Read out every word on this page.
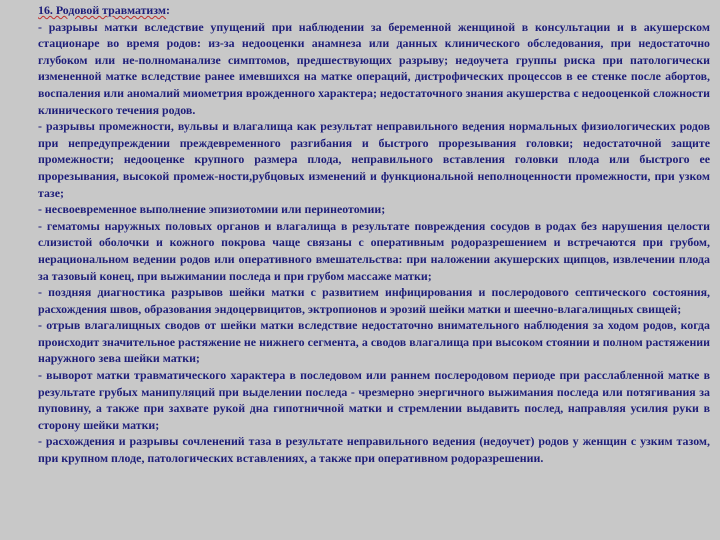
16. Родовой травматизм:

- разрывы матки вследствие упущений при наблюдении за беременной женщиной в консультации и в акушерском стационаре во время родов: из-за недооценки анамнеза или данных клинического обследования, при недостаточно глубоком или не-полноманализе симптомов, предшествующих разрыву; недоучета группы риска при патологически измененной матке вследствие ранее имевшихся на матке операций, дистрофических процессов в ее стенке после абортов, воспаления или аномалий миометрия врожденного характера; недостаточного знания акушерства с недооценкой сложности клинического течения родов.

- разрывы промежности, вульвы и влагалища как результат неправильного ведения нормальных физиологических родов при непредупреждении преждевременного разгибания и быстрого прорезывания головки; недостаточной защите промежности; недооценке крупного размера плода, неправильного вставления головки плода или быстрого ее прорезывания, высокой промеж-ности,рубцовых изменений и функциональной неполноценности промежности, при узком тазе;

- несвоевременное выполнение эпизиотомии или перинеотомии;

- гематомы наружных половых органов и влагалища в результате повреждения сосудов в родах без нарушения целости слизистой оболочки и кожного покрова чаще связаны с оперативным родоразрешением и встречаются при грубом, нерациональном ведении родов или оперативного вмешательства: при наложении акушерских щипцов, извлечении плода за тазовый конец, при выжимании последа и при грубом массаже матки;

- поздняя диагностика разрывов шейки матки с развитием инфицирования и послеродового септического состояния, расхождения швов, образования эндоцервицитов, эктропионов и эрозий шейки матки и шеечно-влагалищных свищей;

- отрыв влагалищных сводов от шейки матки вследствие недостаточно внимательного наблюдения за ходом родов, когда происходит значительное растяжение не нижнего сегмента, а сводов влагалища при высоком стоянии и полном растяжении наружного зева шейки матки;

- выворот матки травматического характера в последовом или раннем послеродовом периоде при расслабленной матке в результате грубых манипуляций при выделении последа - чрезмерно энергичного выжимания последа или потягивания за пуповину, а также при захвате рукой дна гипотничной матки и стремлении выдавить послед, направляя усилия руки в сторону шейки матки;

- расхождения и разрывы сочленений таза в результате неправильного ведения (недоучет) родов у женщин с узким тазом, при крупном плоде, патологических вставлениях, а также при оперативном родоразрешении.
